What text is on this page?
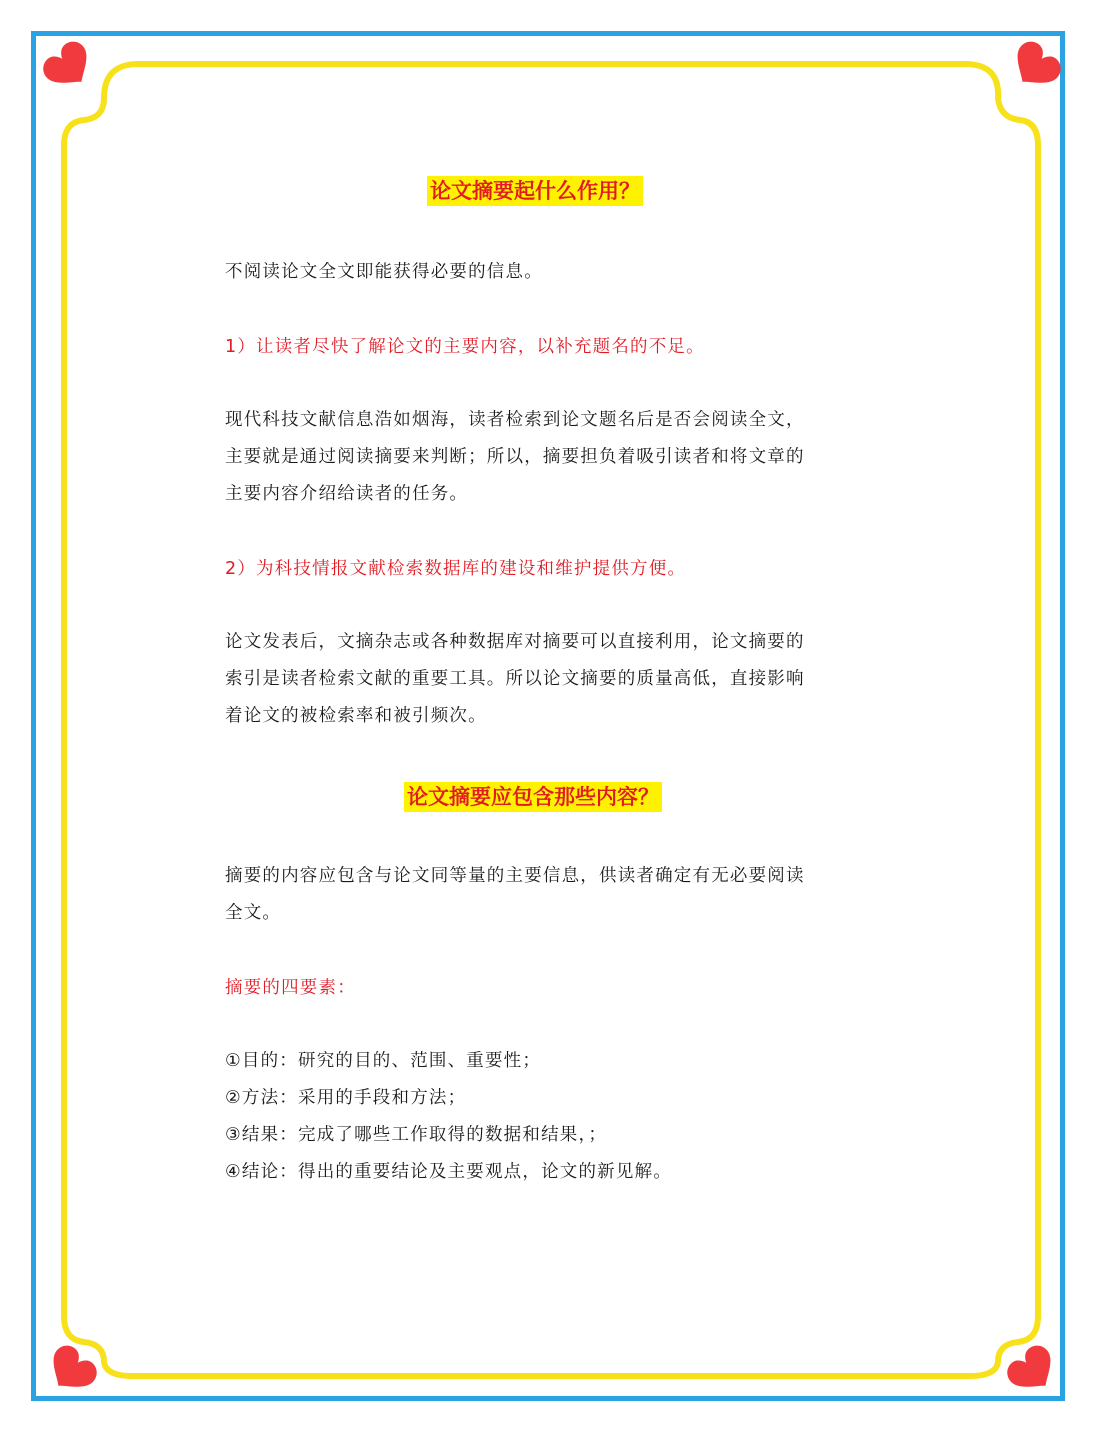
论文摘要起什么作用？

不阅读论文全文即能获得必要的信息。

1）让读者尽快了解论文的主要内容，以补充题名的不足。
现代科技文献信息浩如烟海，读者检索到论文题名后是否会阅读全文，
主要就是通过阅读摘要来判断；所以，摘要担负着吸引读者和将文章的
主要内容介绍给读者的任务。
2）为科技情报文献检索数据库的建设和维护提供方便。
论文发表后，文摘杂志或各种数据库对摘要可以直接利用，论文摘要的
索引是读者检索文献的重要工具。所以论文摘要的质量高低，直接影响
着论文的被检索率和被引频次。
论文摘要应包含那些内容？
摘要的内容应包含与论文同等量的主要信息，供读者确定有无必要阅读
全文。
摘要的四要素：
①目的：研究的目的、范围、重要性；
②方法：采用的手段和方法；
③结果：完成了哪些工作取得的数据和结果，；
④结论：得出的重要结论及主要观点，论文的新见解。
